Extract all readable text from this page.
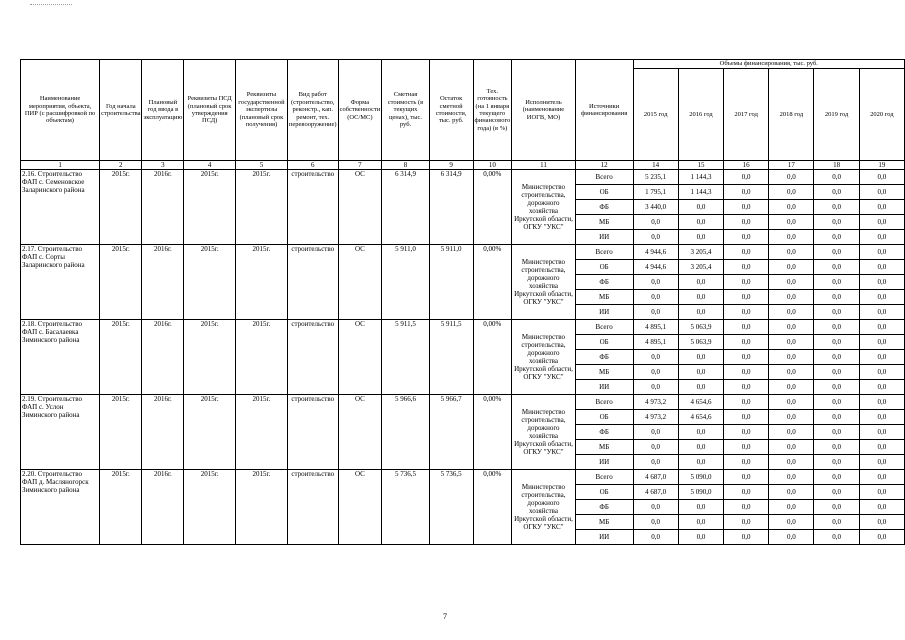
Наименование мероприятия, объекта, ПИР (с расшифровкой по объектам)	Год начала строительства	Плановый год ввода в эксплуатацию	Реквизиты ПСД (плановый срок утверждения ПСД)	Реквизиты государственной экспертизы (плановый срок получения)	Вид работ (строительство, реконстр., кап. ремонт, тех. перевооружение)	Форма собственности (ОС/МС)	Сметная стоимость (в текущих ценах), тыс. руб.	Остаток сметной стоимости, тыс. руб.	Тех. готовность (на 1 января текущего финансового года) (в %)	Исполнитель (наименование ИОГВ, МО)	Источники финансирования	Объемы финансирования, тыс. руб.					
												2015 год	2016 год	2017 год	2018 год	2019 год	2020 год
1	2	3	4	5	6	7	8	9	10	11	12	14	15	16	17	18	19
2.16. Строительство ФАП с. Семеновское Заларинского района	2015г.	2016г.	2015г.	2015г.	строительство	ОС	6 314,9	6 314,9	0,00%	Министерство строительства, дорожного хозяйства Иркутской области, ОГКУ "УКС"	Всего	5 235,1	1 144,3	0,0	0,0	0,0	0,0
											ОБ	1 795,1	1 144,3	0,0	0,0	0,0	0,0
											ФБ	3 440,0	0,0	0,0	0,0	0,0	0,0
											МБ	0,0	0,0	0,0	0,0	0,0	0,0
											ИИ	0,0	0,0	0,0	0,0	0,0	0,0
2.17. Строительство ФАП с. Сорты Заларинского района	2015г.	2016г.	2015г.	2015г.	строительство	ОС	5 911,0	5 911,0	0,00%	Министерство строительства, дорожного хозяйства Иркутской области, ОГКУ "УКС"	Всего	4 944,6	3 205,4	0,0	0,0	0,0	0,0
											ОБ	4 944,6	3 205,4	0,0	0,0	0,0	0,0
											ФБ	0,0	0,0	0,0	0,0	0,0	0,0
											МБ	0,0	0,0	0,0	0,0	0,0	0,0
											ИИ	0,0	0,0	0,0	0,0	0,0	0,0
2.18. Строительство ФАП с. Басалаевка Зиминского района	2015г.	2016г.	2015г.	2015г.	строительство	ОС	5 911,5	5 911,5	0,00%	Министерство строительства, дорожного хозяйства Иркутской области, ОГКУ "УКС"	Всего	4 895,1	5 063,9	0,0	0,0	0,0	0,0
											ОБ	4 895,1	5 063,9	0,0	0,0	0,0	0,0
											ФБ	0,0	0,0	0,0	0,0	0,0	0,0
											МБ	0,0	0,0	0,0	0,0	0,0	0,0
											ИИ	0,0	0,0	0,0	0,0	0,0	0,0
2.19. Строительство ФАП с. Услон Зиминского района	2015г.	2016г.	2015г.	2015г.	строительство	ОС	5 966,6	5 966,7	0,00%	Министерство строительства, дорожного хозяйства Иркутской области, ОГКУ "УКС"	Всего	4 973,2	4 654,6	0,0	0,0	0,0	0,0
											ОБ	4 973,2	4 654,6	0,0	0,0	0,0	0,0
											ФБ	0,0	0,0	0,0	0,0	0,0	0,0
											МБ	0,0	0,0	0,0	0,0	0,0	0,0
											ИИ	0,0	0,0	0,0	0,0	0,0	0,0
2.20. Строительство ФАП д. Масляногорск Зиминского района	2015г.	2016г.	2015г.	2015г.	строительство	ОС	5 736,5	5 736,5	0,00%	Министерство строительства, дорожного хозяйства Иркутской области, ОГКУ "УКС"	Всего	4 687,0	5 090,0	0,0	0,0	0,0	0,0
											ОБ	4 687,0	5 090,0	0,0	0,0	0,0	0,0
											ФБ	0,0	0,0	0,0	0,0	0,0	0,0
											МБ	0,0	0,0	0,0	0,0	0,0	0,0
											ИИ	0,0	0,0	0,0	0,0	0,0	0,0
7
